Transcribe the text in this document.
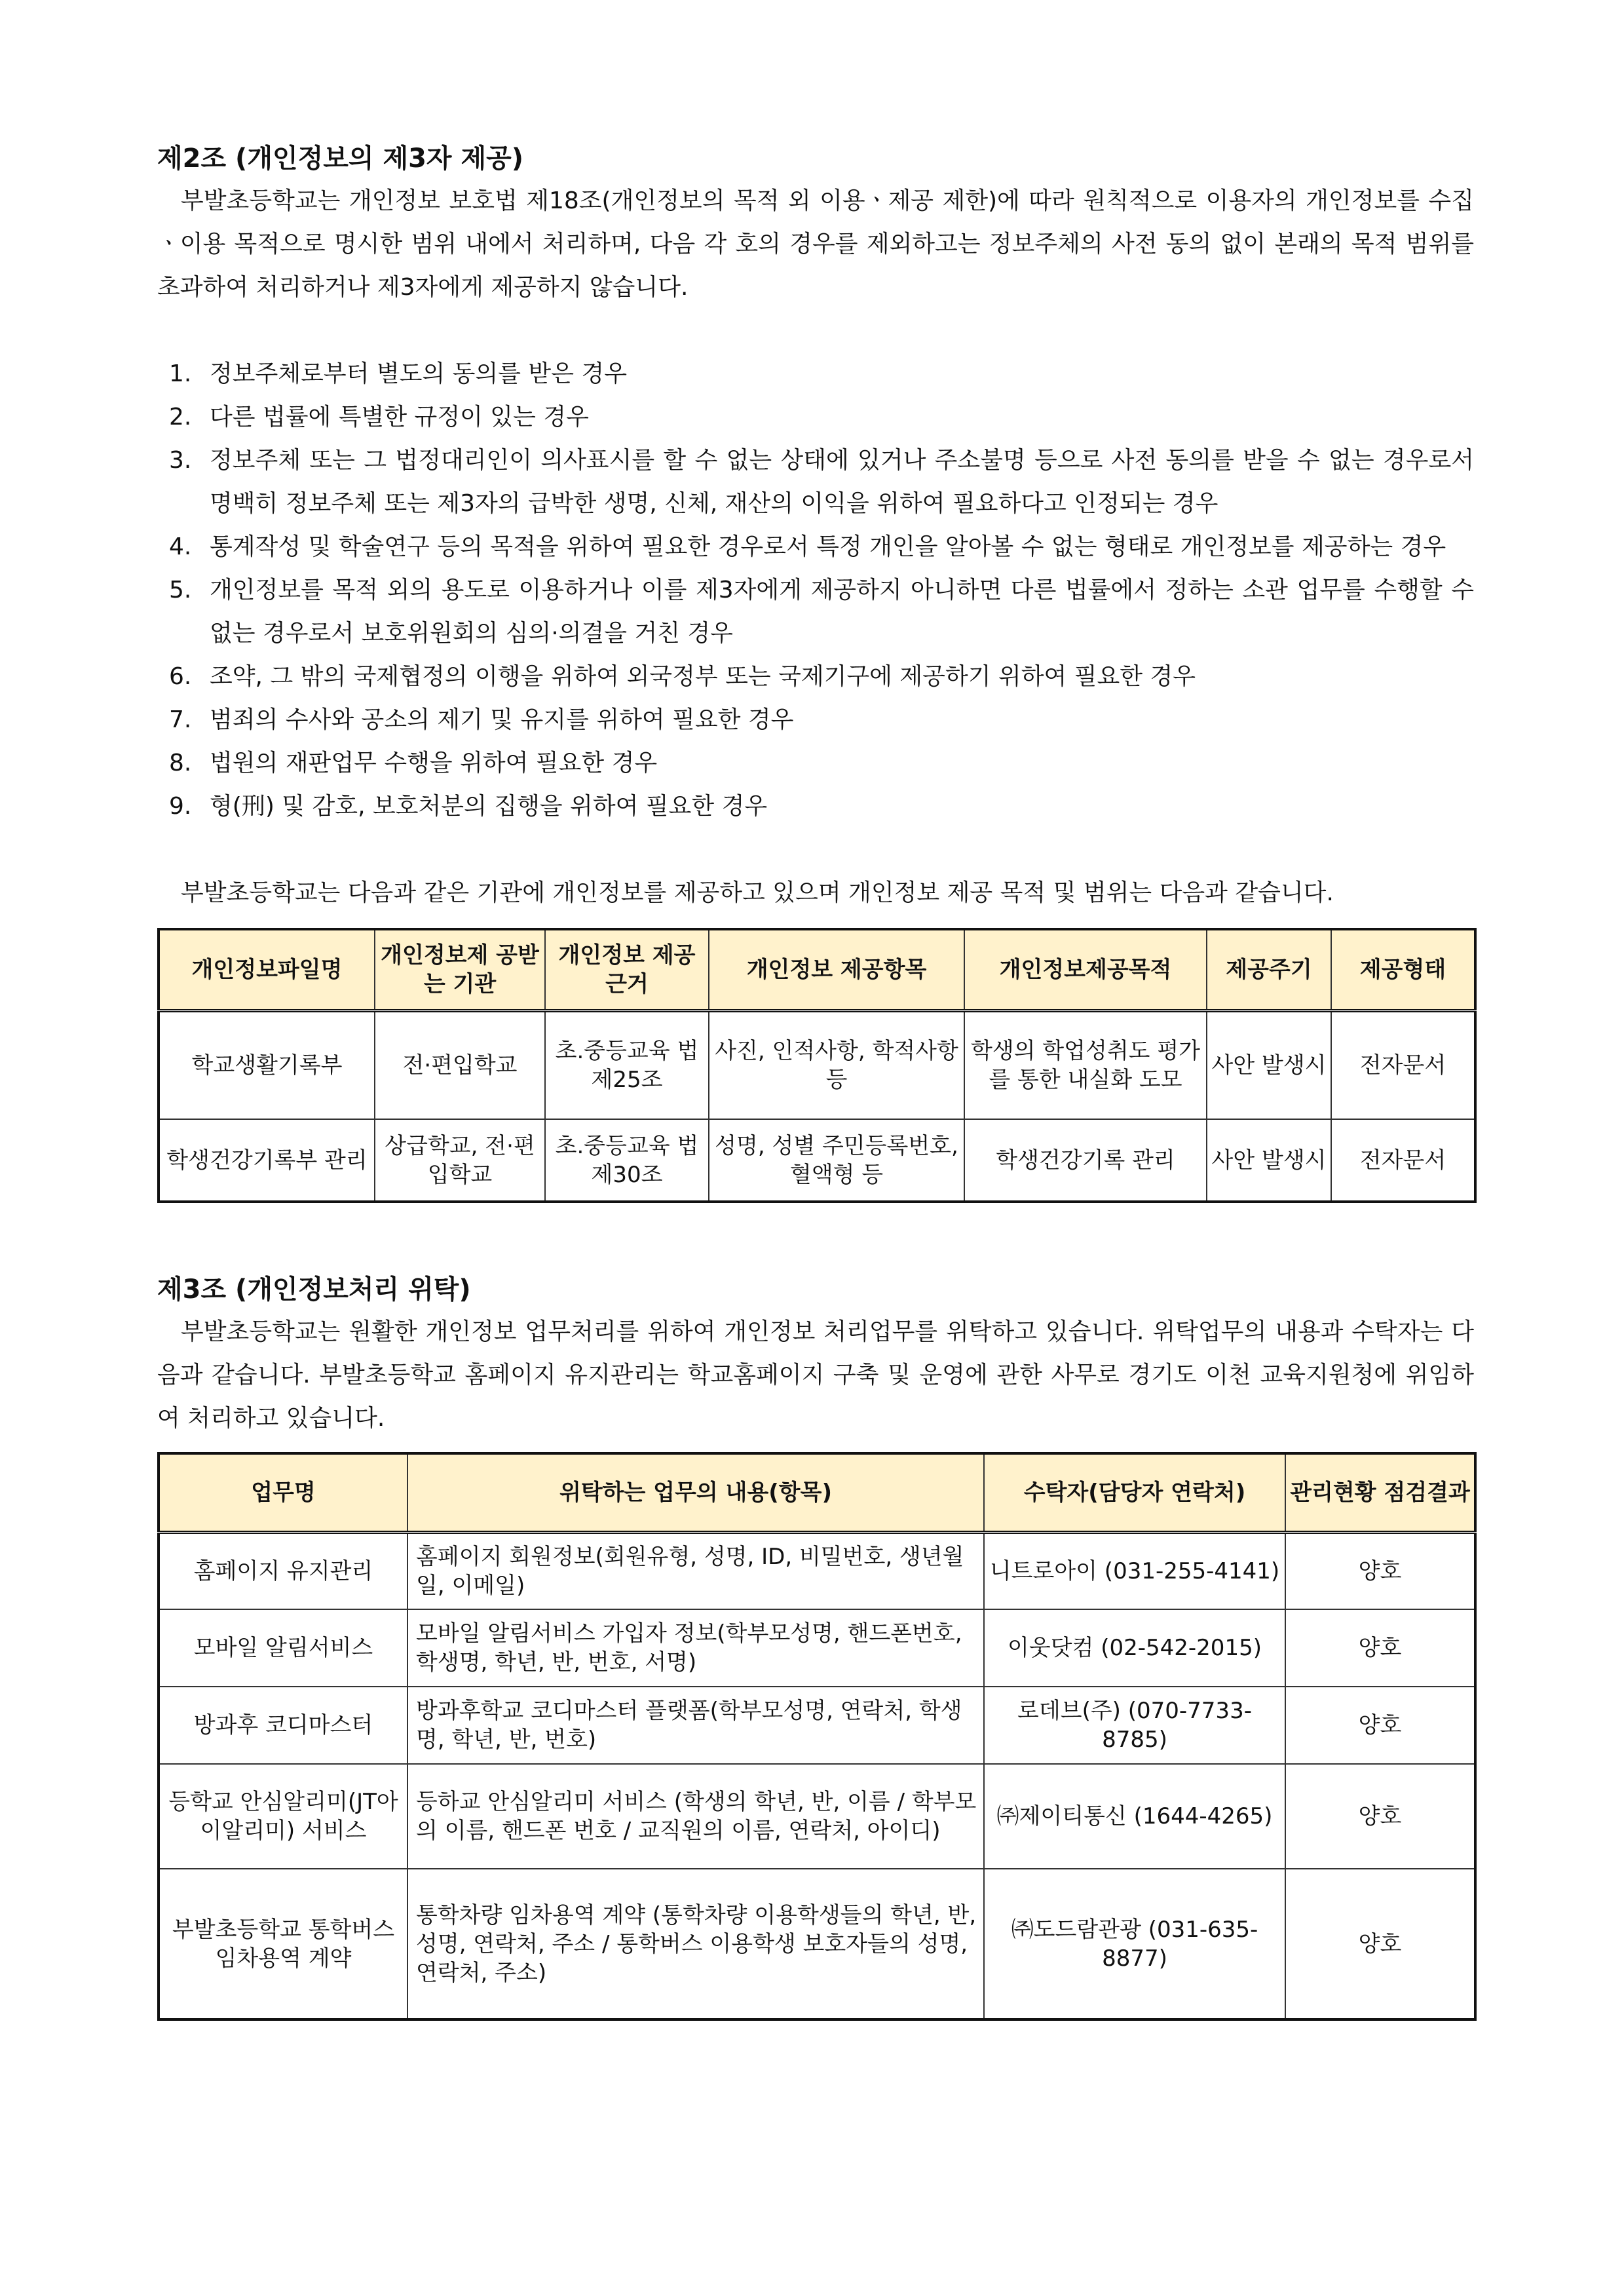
제2조 (개인정보의 제3자 제공)

부발초등학교는 개인정보 보호법 제18조(개인정보의 목적 외 이용ㆍ제공 제한)에 따라 원칙적으로 이용자의 개인정보를 수집ㆍ이용 목적으로 명시한 범위 내에서 처리하며, 다음 각 호의 경우를 제외하고는 정보주체의 사전 동의 없이 본래의 목적 범위를 초과하여 처리하거나 제3자에게 제공하지 않습니다.

1. 정보주체로부터 별도의 동의를 받은 경우
2. 다른 법률에 특별한 규정이 있는 경우
3. 정보주체 또는 그 법정대리인이 의사표시를 할 수 없는 상태에 있거나 주소불명 등으로 사전 동의를 받을 수 없는 경우로서 명백히 정보주체 또는 제3자의 급박한 생명, 신체, 재산의 이익을 위하여 필요하다고 인정되는 경우
4. 통계작성 및 학술연구 등의 목적을 위하여 필요한 경우로서 특정 개인을 알아볼 수 없는 형태로 개인정보를 제공하는 경우
5. 개인정보를 목적 외의 용도로 이용하거나 이를 제3자에게 제공하지 아니하면 다른 법률에서 정하는 소관 업무를 수행할 수 없는 경우로서 보호위원회의 심의·의결을 거친 경우
6. 조약, 그 밖의 국제협정의 이행을 위하여 외국정부 또는 국제기구에 제공하기 위하여 필요한 경우
7. 범죄의 수사와 공소의 제기 및 유지를 위하여 필요한 경우
8. 법원의 재판업무 수행을 위하여 필요한 경우
9. 형(刑) 및 감호, 보호처분의 집행을 위하여 필요한 경우

부발초등학교는 다음과 같은 기관에 개인정보를 제공하고 있으며 개인정보 제공 목적 및 범위는 다음과 같습니다.

개인정보파일명	개인정보제 공받는 기관	개인정보 제공근거	개인정보 제공항목	개인정보제공목적	제공주기	제공형태
학교생활기록부	전·편입학교	초.중등교육 법 제25조	사진, 인적사항, 학적사항 등	학생의 학업성취도 평가를 통한 내실화 도모	사안 발생시	전자문서
학생건강기록부 관리	상급학교, 전·편입학교	초.중등교육 법 제30조	성명, 성별 주민등록번호, 혈액형 등	학생건강기록 관리	사안 발생시	전자문서
제3조 (개인정보처리 위탁)

부발초등학교는 원활한 개인정보 업무처리를 위하여 개인정보 처리업무를 위탁하고 있습니다. 위탁업무의 내용과 수탁자는 다음과 같습니다. 부발초등학교 홈페이지 유지관리는 학교홈페이지 구축 및 운영에 관한 사무로 경기도 이천 교육지원청에 위임하여 처리하고 있습니다.

업무명	위탁하는 업무의 내용(항목)	수탁자(담당자 연락처)	관리현황 점검결과
홈페이지 유지관리	홈페이지 회원정보(회원유형, 성명, ID, 비밀번호, 생년월일, 이메일)	니트로아이 (031-255-4141)	양호
모바일 알림서비스	모바일 알림서비스 가입자 정보(학부모성명, 핸드폰번호, 학생명, 학년, 반, 번호, 서명)	이웃닷컴 (02-542-2015)	양호
방과후 코디마스터	방과후학교 코디마스터 플랫폼(학부모성명, 연락처, 학생명, 학년, 반, 번호)	로데브(주) (070-7733-8785)	양호
등학교 안심알리미(JT아이알리미) 서비스	등하교 안심알리미 서비스 (학생의 학년, 반, 이름 / 학부모의 이름, 핸드폰 번호 / 교직원의 이름, 연락처, 아이디)	㈜제이티통신 (1644-4265)	양호
부발초등학교 통학버스 임차용역 계약	통학차량 임차용역 계약 (통학차량 이용학생들의 학년, 반, 성명, 연락처, 주소 / 통학버스 이용학생 보호자들의 성명, 연락처, 주소)	㈜도드람관광 (031-635-8877)	양호
